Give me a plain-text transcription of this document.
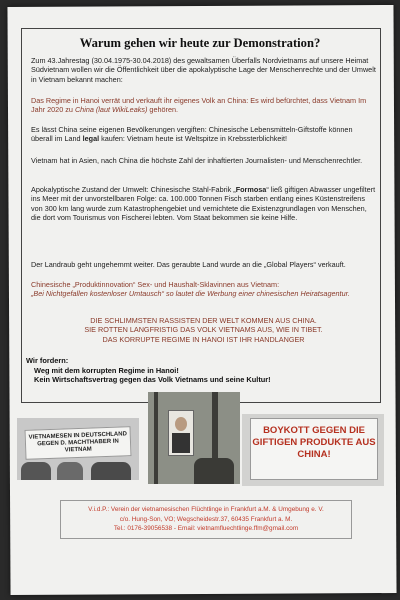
Warum gehen wir heute zur Demonstration?

Zum 43.Jahrestag (30.04.1975-30.04.2018) des gewaltsamen Überfalls Nordvietnams auf unsere Heimat Südvietnam wollen wir die Öffentlichkeit über die apokalyptische Lage der Menschenrechte und der Umwelt in Vietnam bekannt machen:

Das Regime in Hanoi verrät und verkauft ihr eigenes Volk an China: Es wird befürchtet, dass Vietnam Im Jahr 2020 zu China (laut WikiLeaks) gehören.

Es lässt China seine eigenen Bevölkerungen vergiften: Chinesische Lebensmitteln-Giftstoffe können überall im Land legal kaufen: Vietnam heute ist Weltspitze in Krebssterblichkeit!

Vietnam hat in Asien, nach China die höchste Zahl der inhaftierten Journalisten- und Menschenrechtler.

Apokalyptische Zustand der Umwelt: Chinesische Stahl-Fabrik „Formosa“ ließ giftigen Abwasser ungefiltert ins Meer mit der unvorstellbaren Folge: ca. 100.000 Tonnen Fisch starben entlang eines Küstenstreifens von 300 km lang wurde zum Katastrophengebiet und vernichtete die Existenzgrundlagen von Menschen, die dort vom Tourismus von Fischerei lebten. Vom Staat bekommen sie keine Hilfe.

Der Landraub geht ungehemmt weiter. Das geraubte Land wurde an die „Global Players“ verkauft.

Chinesische „Produktinnovation“ Sex- und Haushalt-Sklavinnen aus Vietnam:

„Bei Nichtgefallen kostenloser Umtausch“ so lautet die Werbung einer chinesischen Heiratsagentur.

DIE SCHLIMMSTEN RASSISTEN DER WELT KOMMEN AUS CHINA.

SIE ROTTEN LANGFRISTIG DAS VOLK VIETNAMS AUS, WIE IN TIBET.

DAS KORRUPTE REGIME IN HANOI IST IHR HANDLANGER

Wir fordern:
Weg mit dem korrupten Regime in Hanoi!
Kein Wirtschaftsvertrag gegen das Volk Vietnams und seine Kultur!
VIETNAMESEN IN DEUTSCHLAND GEGEN D. MACHTHABER IN VIETNAM
BOYKOTT GEGEN DIE GIFTIGEN PRODUKTE AUS CHINA!
V.i.d.P.: Verein der vietnamesischen Flüchtlinge in Frankfurt a.M. & Umgebung e. V.
c/o. Hung-Son, VO; Wegscheidestr.37, 60435 Frankfurt a. M.
Tel.: 0176-39056538 - Email: vietnamfluechtlinge.ffm@gmail.com
